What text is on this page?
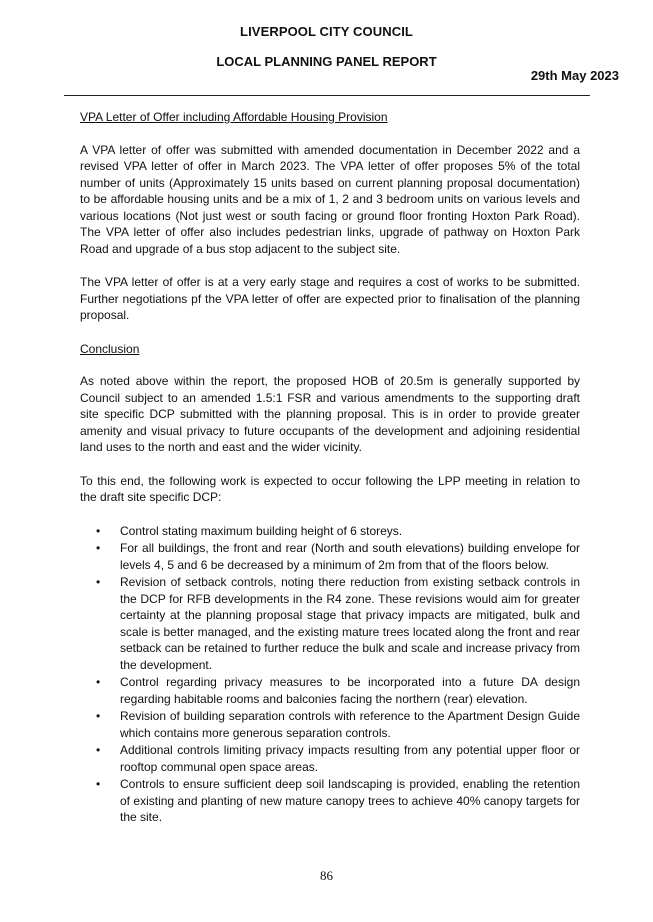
LIVERPOOL CITY COUNCIL
LOCAL PLANNING PANEL REPORT
29th May 2023

VPA Letter of Offer including Affordable Housing Provision

A VPA letter of offer was submitted with amended documentation in December 2022 and a revised VPA letter of offer in March 2023. The VPA letter of offer proposes 5% of the total number of units (Approximately 15 units based on current planning proposal documentation) to be affordable housing units and be a mix of 1, 2 and 3 bedroom units on various levels and various locations (Not just west or south facing or ground floor fronting Hoxton Park Road). The VPA letter of offer also includes pedestrian links, upgrade of pathway on Hoxton Park Road and upgrade of a bus stop adjacent to the subject site.

The VPA letter of offer is at a very early stage and requires a cost of works to be submitted. Further negotiations pf the VPA letter of offer are expected prior to finalisation of the planning proposal.

Conclusion

As noted above within the report, the proposed HOB of 20.5m is generally supported by Council subject to an amended 1.5:1 FSR and various amendments to the supporting draft site specific DCP submitted with the planning proposal. This is in order to provide greater amenity and visual privacy to future occupants of the development and adjoining residential land uses to the north and east and the wider vicinity.

To this end, the following work is expected to occur following the LPP meeting in relation to the draft site specific DCP:

• Control stating maximum building height of 6 storeys.
• For all buildings, the front and rear (North and south elevations) building envelope for levels 4, 5 and 6 be decreased by a minimum of 2m from that of the floors below.
• Revision of setback controls, noting there reduction from existing setback controls in the DCP for RFB developments in the R4 zone. These revisions would aim for greater certainty at the planning proposal stage that privacy impacts are mitigated, bulk and scale is better managed, and the existing mature trees located along the front and rear setback can be retained to further reduce the bulk and scale and increase privacy from the development.
• Control regarding privacy measures to be incorporated into a future DA design regarding habitable rooms and balconies facing the northern (rear) elevation.
• Revision of building separation controls with reference to the Apartment Design Guide which contains more generous separation controls.
• Additional controls limiting privacy impacts resulting from any potential upper floor or rooftop communal open space areas.
• Controls to ensure sufficient deep soil landscaping is provided, enabling the retention of existing and planting of new mature canopy trees to achieve 40% canopy targets for the site.
86
